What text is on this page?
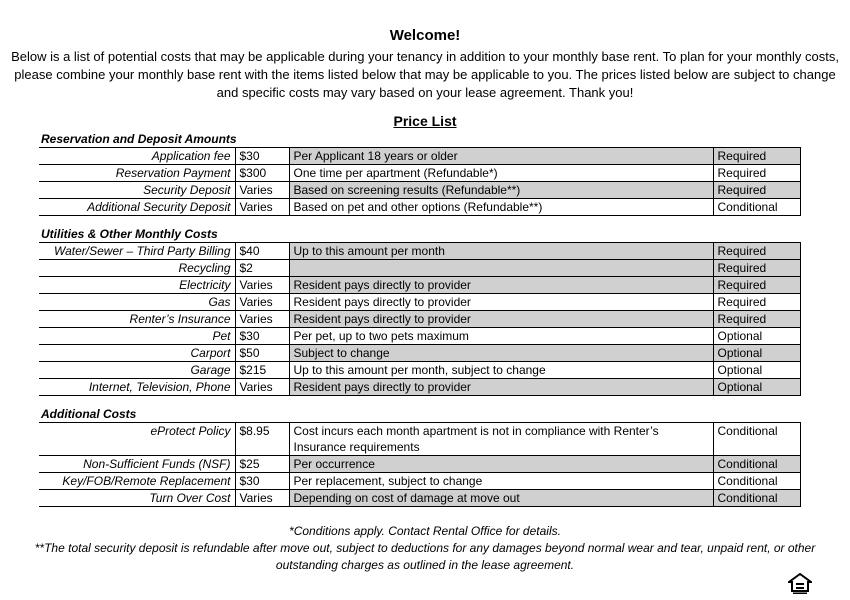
Welcome!
Below is a list of potential costs that may be applicable during your tenancy in addition to your monthly base rent. To plan for your monthly costs, please combine your monthly base rent with the items listed below that may be applicable to you. The prices listed below are subject to change and specific costs may vary based on your lease agreement. Thank you!
Price List
Reservation and Deposit Amounts			
Application fee	$30	Per Applicant 18 years or older	Required
Reservation Payment	$300	One time per apartment (Refundable*)	Required
Security Deposit	Varies	Based on screening results (Refundable**)	Required
Additional Security Deposit	Varies	Based on pet and other options (Refundable**)	Conditional

Utilities & Other Monthly Costs			
Water/Sewer – Third Party Billing	$40	Up to this amount per month	Required
Recycling	$2		Required
Electricity	Varies	Resident pays directly to provider	Required
Gas	Varies	Resident pays directly to provider	Required
Renter’s Insurance	Varies	Resident pays directly to provider	Required
Pet	$30	Per pet, up to two pets maximum	Optional
Carport	$50	Subject to change	Optional
Garage	$215	Up to this amount per month, subject to change	Optional
Internet, Television, Phone	Varies	Resident pays directly to provider	Optional

Additional Costs			
eProtect Policy	$8.95	Cost incurs each month apartment is not in compliance with Renter’s Insurance requirements	Conditional
Non-Sufficient Funds (NSF)	$25	Per occurrence	Conditional
Key/FOB/Remote Replacement	$30	Per replacement, subject to change	Conditional
Turn Over Cost	Varies	Depending on cost of damage at move out	Conditional
*Conditions apply. Contact Rental Office for details.
**The total security deposit is refundable after move out, subject to deductions for any damages beyond normal wear and tear, unpaid rent, or other outstanding charges as outlined in the lease agreement.
